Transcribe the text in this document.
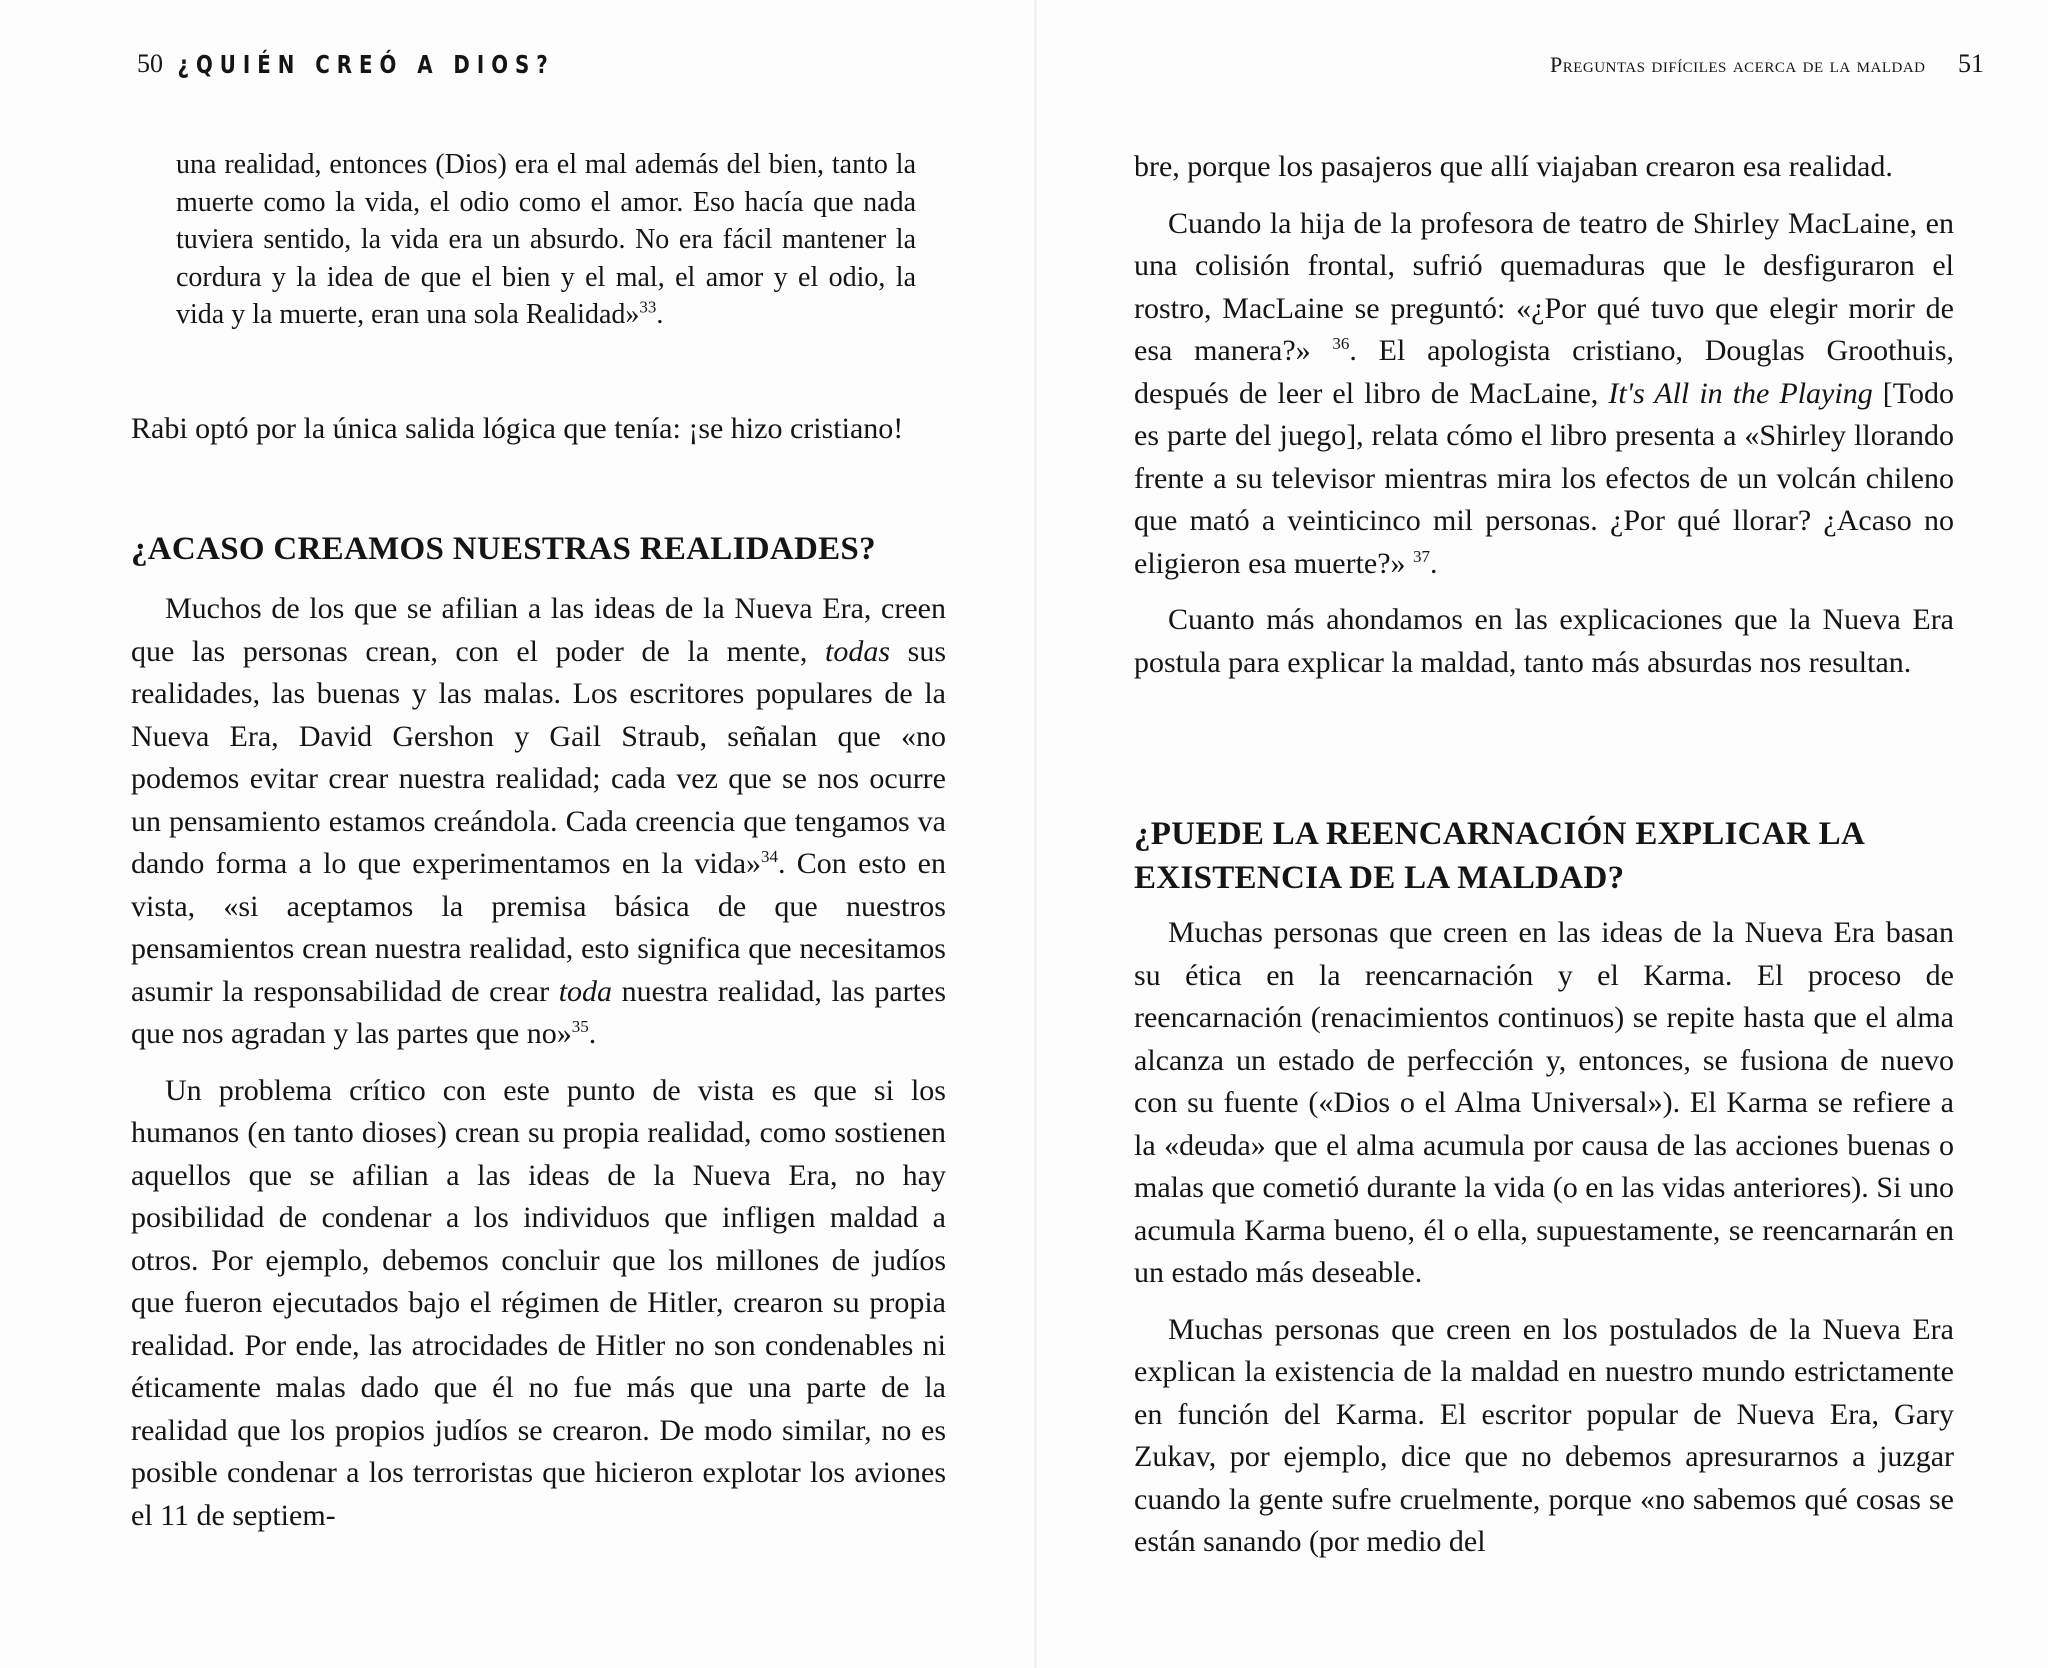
50 ¿QUIÉN CREÓ A DIOS?

una realidad, entonces (Dios) era el mal además del bien, tanto la muerte como la vida, el odio como el amor. Eso hacía que nada tuviera sentido, la vida era un absurdo. No era fácil mantener la cordura y la idea de que el bien y el mal, el amor y el odio, la vida y la muerte, eran una sola Realidad»$^{33}$.

Rabi optó por la única salida lógica que tenía: ¡se hizo cristiano!

¿ACASO CREAMOS NUESTRAS REALIDADES?

Muchos de los que se afilian a las ideas de la Nueva Era, creen que las personas crean, con el poder de la mente, todas sus realidades, las buenas y las malas. Los escritores populares de la Nueva Era, David Gershon y Gail Straub, señalan que «no podemos evitar crear nuestra realidad; cada vez que se nos ocurre un pensamiento estamos creándola. Cada creencia que tengamos va dando forma a lo que experimentamos en la vida»$^{34}$. Con esto en vista, «si aceptamos la premisa básica de que nuestros pensamientos crean nuestra realidad, esto significa que necesitamos asumir la responsabilidad de crear toda nuestra realidad, las partes que nos agradan y las partes que no»$^{35}$.

Un problema crítico con este punto de vista es que si los humanos (en tanto dioses) crean su propia realidad, como sostienen aquellos que se afilian a las ideas de la Nueva Era, no hay posibilidad de condenar a los individuos que infligen maldad a otros. Por ejemplo, debemos concluir que los millones de judíos que fueron ejecutados bajo el régimen de Hitler, crearon su propia realidad. Por ende, las atrocidades de Hitler no son condenables ni éticamente malas dado que él no fue más que una parte de la realidad que los propios judíos se crearon. De modo similar, no es posible condenar a los terroristas que hicieron explotar los aviones el 11 de septiem-

Preguntas difíciles acerca de la maldad 51

bre, porque los pasajeros que allí viajaban crearon esa realidad.

Cuando la hija de la profesora de teatro de Shirley MacLaine, en una colisión frontal, sufrió quemaduras que le desfiguraron el rostro, MacLaine se preguntó: «¿Por qué tuvo que elegir morir de esa manera?» $^{36}$. El apologista cristiano, Douglas Groothuis, después de leer el libro de MacLaine, It's All in the Playing [Todo es parte del juego], relata cómo el libro presenta a «Shirley llorando frente a su televisor mientras mira los efectos de un volcán chileno que mató a veinticinco mil personas. ¿Por qué llorar? ¿Acaso no eligieron esa muerte?» $^{37}$.

Cuanto más ahondamos en las explicaciones que la Nueva Era postula para explicar la maldad, tanto más absurdas nos resultan.

¿PUEDE LA REENCARNACIÓN EXPLICAR LA
EXISTENCIA DE LA MALDAD?

Muchas personas que creen en las ideas de la Nueva Era basan su ética en la reencarnación y el Karma. El proceso de reencarnación (renacimientos continuos) se repite hasta que el alma alcanza un estado de perfección y, entonces, se fusiona de nuevo con su fuente («Dios o el Alma Universal»). El Karma se refiere a la «deuda» que el alma acumula por causa de las acciones buenas o malas que cometió durante la vida (o en las vidas anteriores). Si uno acumula Karma bueno, él o ella, supuestamente, se reencarnarán en un estado más deseable.

Muchas personas que creen en los postulados de la Nueva Era explican la existencia de la maldad en nuestro mundo estrictamente en función del Karma. El escritor popular de Nueva Era, Gary Zukav, por ejemplo, dice que no debemos apresurarnos a juzgar cuando la gente sufre cruelmente, porque «no sabemos qué cosas se están sanando (por medio del
